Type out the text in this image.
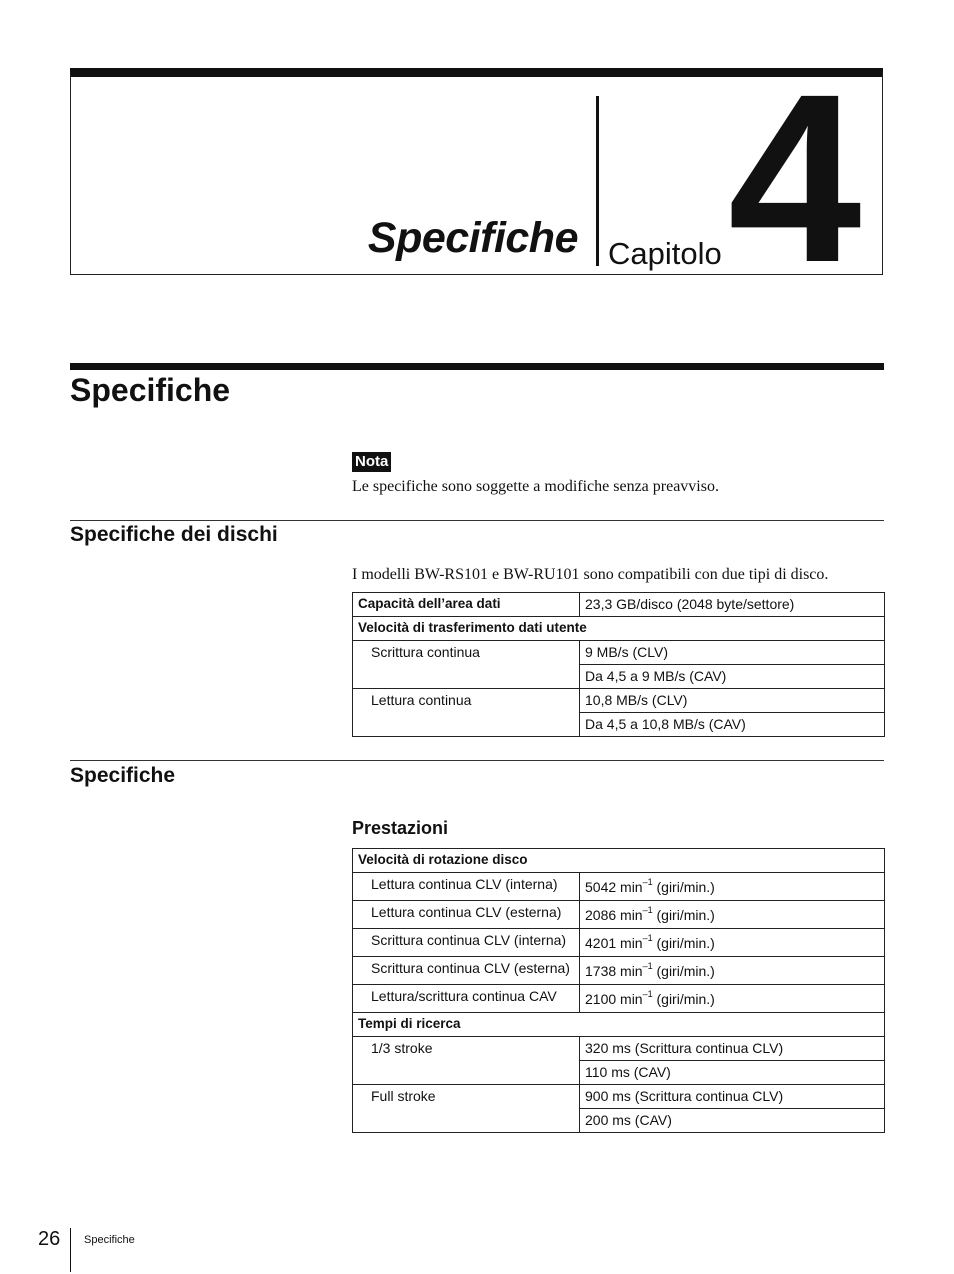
Specifiche Capitolo 4
Specifiche
Nota
Le specifiche sono soggette a modifiche senza preavviso.
Specifiche dei dischi
I modelli BW-RS101 e BW-RU101 sono compatibili con due tipi di disco.
Capacità dell’area dati	23,3 GB/disco (2048 byte/settore)
Velocità di trasferimento dati utente	
Scrittura continua	9 MB/s (CLV)
	Da 4,5 a 9 MB/s (CAV)
Lettura continua	10,8 MB/s (CLV)
	Da 4,5 a 10,8 MB/s (CAV)
Specifiche
Prestazioni
Velocità di rotazione disco	
Lettura continua CLV (interna)	5042 $\min^{-1}$ (giri/min.)
Lettura continua CLV (esterna)	2086 $\min^{-1}$ (giri/min.)
Scrittura continua CLV (interna)	4201 $\min^{-1}$ (giri/min.)
Scrittura continua CLV (esterna)	1738 $\min^{-1}$ (giri/min.)
Lettura/scrittura continua CAV	2100 $\min^{-1}$ (giri/min.)
Tempi di ricerca	
1/3 stroke	320 ms (Scrittura continua CLV)
	110 ms (CAV)
Full stroke	900 ms (Scrittura continua CLV)
	200 ms (CAV)
26 Specifiche
